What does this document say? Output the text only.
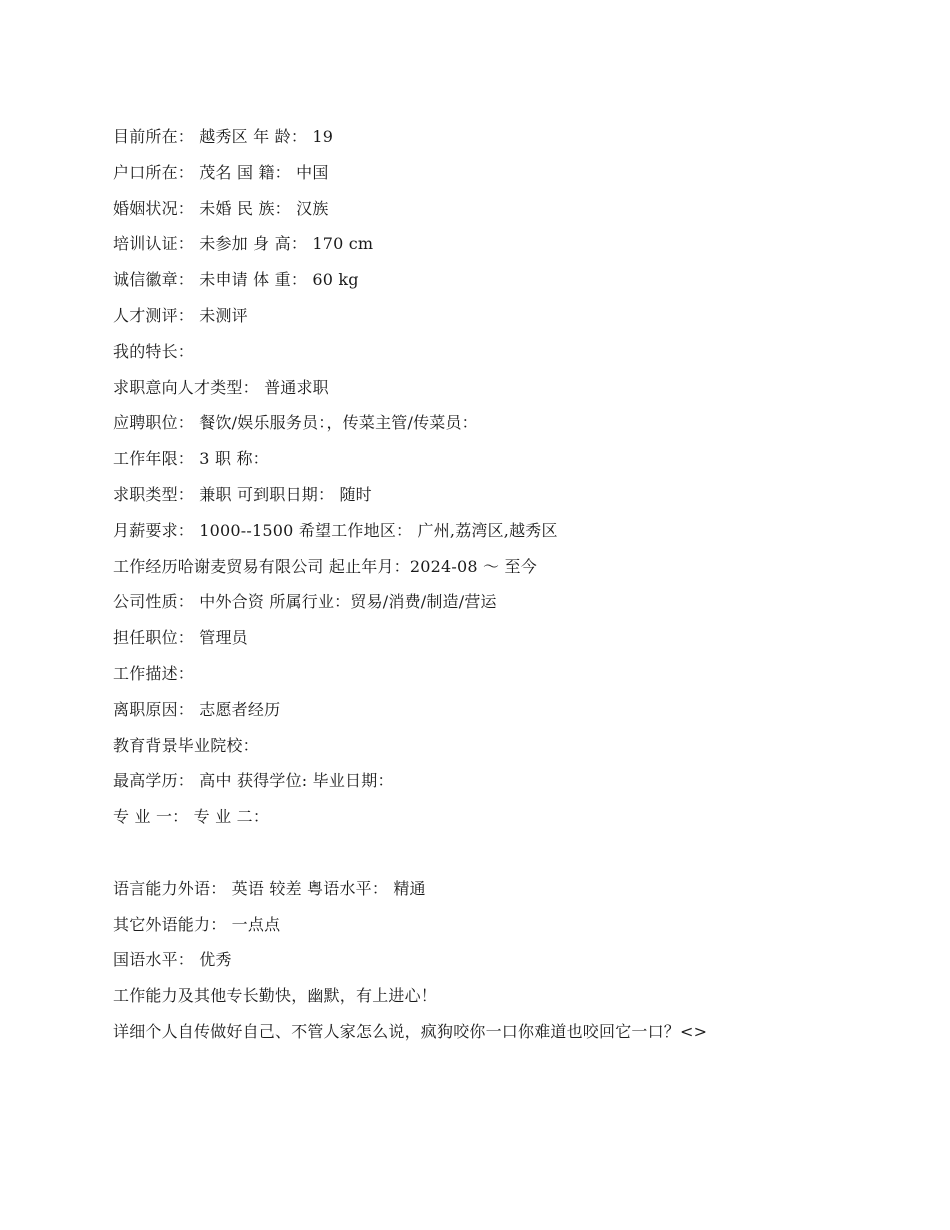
目前所在： 越秀区 年 龄： 19
户口所在： 茂名 国 籍： 中国
婚姻状况： 未婚 民 族： 汉族
培训认证： 未参加 身 高： 170 cm
诚信徽章： 未申请 体 重： 60 kg
人才测评： 未测评
我的特长：
求职意向人才类型： 普通求职
应聘职位： 餐饮/娱乐服务员：，传菜主管/传菜员：
工作年限： 3 职 称：
求职类型： 兼职 可到职日期： 随时
月薪要求： 1000--1500 希望工作地区： 广州,荔湾区,越秀区
工作经历哈谢麦贸易有限公司 起止年月：2024-08 ～ 至今
公司性质： 中外合资 所属行业：贸易/消费/制造/营运
担任职位： 管理员
工作描述：
离职原因： 志愿者经历
教育背景毕业院校：
最高学历： 高中 获得学位: 毕业日期：
专 业 一： 专 业 二：
语言能力外语： 英语 较差 粤语水平： 精通
其它外语能力： 一点点
国语水平： 优秀
工作能力及其他专长勤快，幽默，有上进心！
详细个人自传做好自己、不管人家怎么说，疯狗咬你一口你难道也咬回它一口？<>
